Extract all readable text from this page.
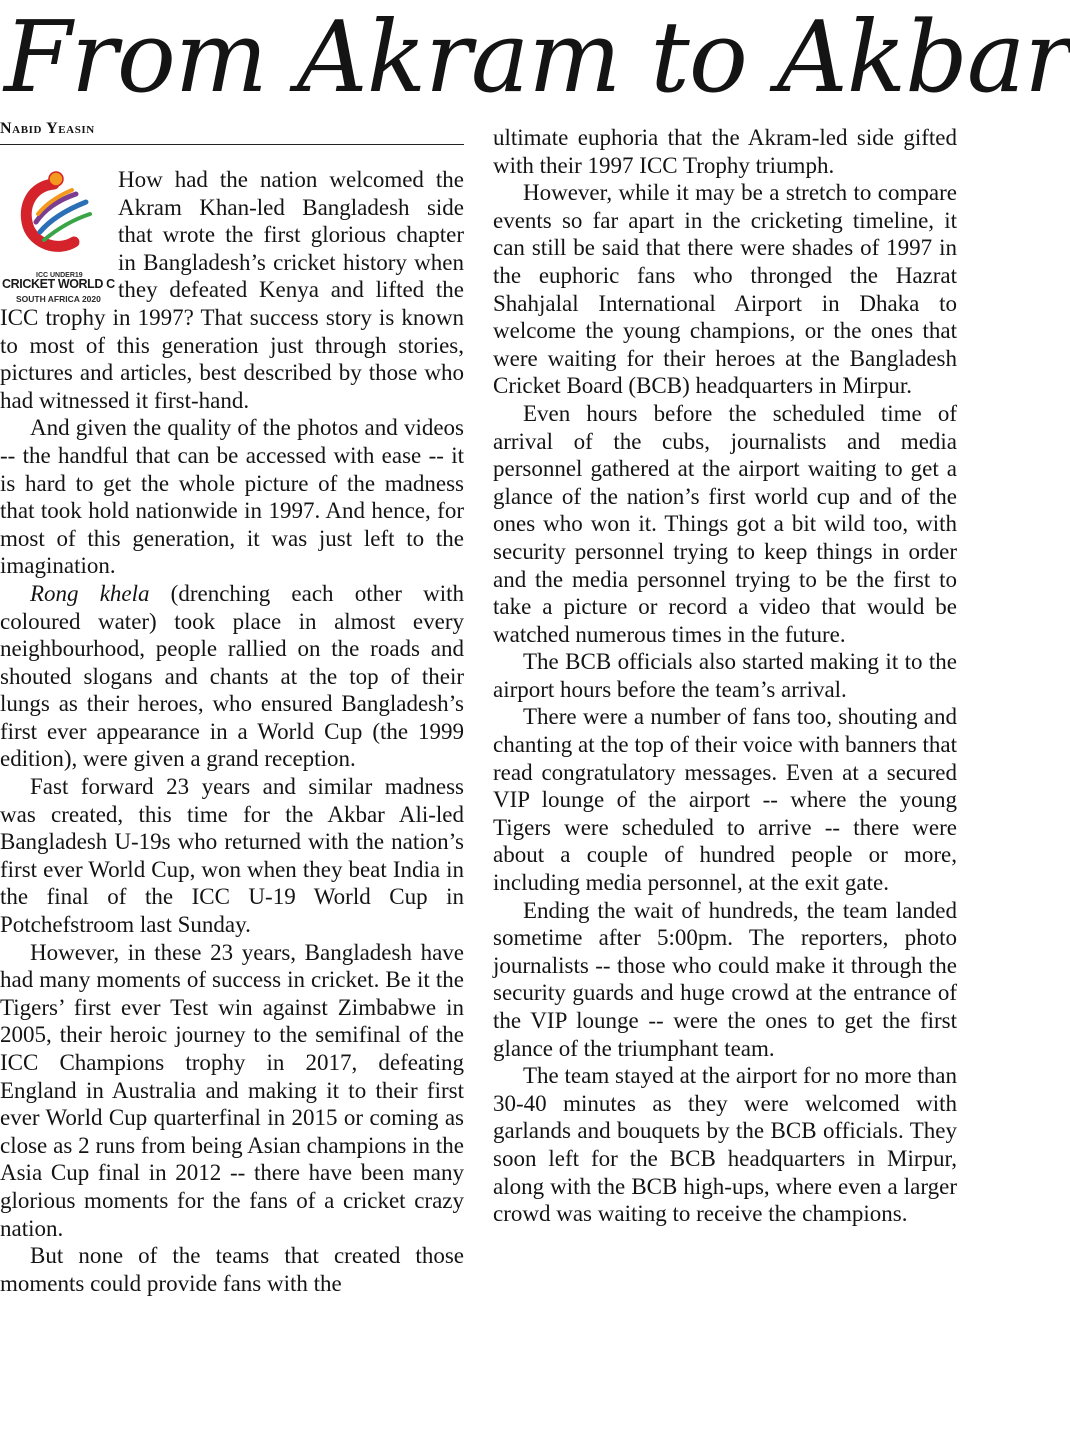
From Akram to Akbar
Nabid Yeasin
ICC UNDER19
CRICKET WORLD C
SOUTH AFRICA 2020

How had the nation welcomed the Akram Khan-led Bangladesh side that wrote the first glorious chapter in Bangladesh’s cricket history when they defeated Kenya and lifted the ICC trophy in 1997? That success story is known to most of this generation just through stories, pictures and articles, best described by those who had witnessed it first-hand.

And given the quality of the photos and videos -- the handful that can be accessed with ease -- it is hard to get the whole picture of the madness that took hold nationwide in 1997. And hence, for most of this generation, it was just left to the imagination.

Rong khela (drenching each other with coloured water) took place in almost every neighbourhood, people rallied on the roads and shouted slogans and chants at the top of their lungs as their heroes, who ensured Bangladesh’s first ever appearance in a World Cup (the 1999 edition), were given a grand reception.

Fast forward 23 years and similar madness was created, this time for the Akbar Ali-led Bangladesh U-19s who returned with the nation’s first ever World Cup, won when they beat India in the final of the ICC U-19 World Cup in Potchefstroom last Sunday.

However, in these 23 years, Bangladesh have had many moments of success in cricket. Be it the Tigers’ first ever Test win against Zimbabwe in 2005, their heroic journey to the semifinal of the ICC Champions trophy in 2017, defeating England in Australia and making it to their first ever World Cup quarterfinal in 2015 or coming as close as 2 runs from being Asian champions in the Asia Cup final in 2012 -- there have been many glorious moments for the fans of a cricket crazy nation.

But none of the teams that created those moments could provide fans with the

ultimate euphoria that the Akram-led side gifted with their 1997 ICC Trophy triumph.

However, while it may be a stretch to compare events so far apart in the cricketing timeline, it can still be said that there were shades of 1997 in the euphoric fans who thronged the Hazrat Shahjalal International Airport in Dhaka to welcome the young champions, or the ones that were waiting for their heroes at the Bangladesh Cricket Board (BCB) headquarters in Mirpur.

Even hours before the scheduled time of arrival of the cubs, journalists and media personnel gathered at the airport waiting to get a glance of the nation’s first world cup and of the ones who won it. Things got a bit wild too, with security personnel trying to keep things in order and the media personnel trying to be the first to take a picture or record a video that would be watched numerous times in the future.

The BCB officials also started making it to the airport hours before the team’s arrival.

There were a number of fans too, shouting and chanting at the top of their voice with banners that read congratulatory messages. Even at a secured VIP lounge of the airport -- where the young Tigers were scheduled to arrive -- there were about a couple of hundred people or more, including media personnel, at the exit gate.

Ending the wait of hundreds, the team landed sometime after 5:00pm. The reporters, photo journalists -- those who could make it through the security guards and huge crowd at the entrance of the VIP lounge -- were the ones to get the first glance of the triumphant team.

The team stayed at the airport for no more than 30-40 minutes as they were welcomed with garlands and bouquets by the BCB officials. They soon left for the BCB headquarters in Mirpur, along with the BCB high-ups, where even a larger crowd was waiting to receive the champions.
